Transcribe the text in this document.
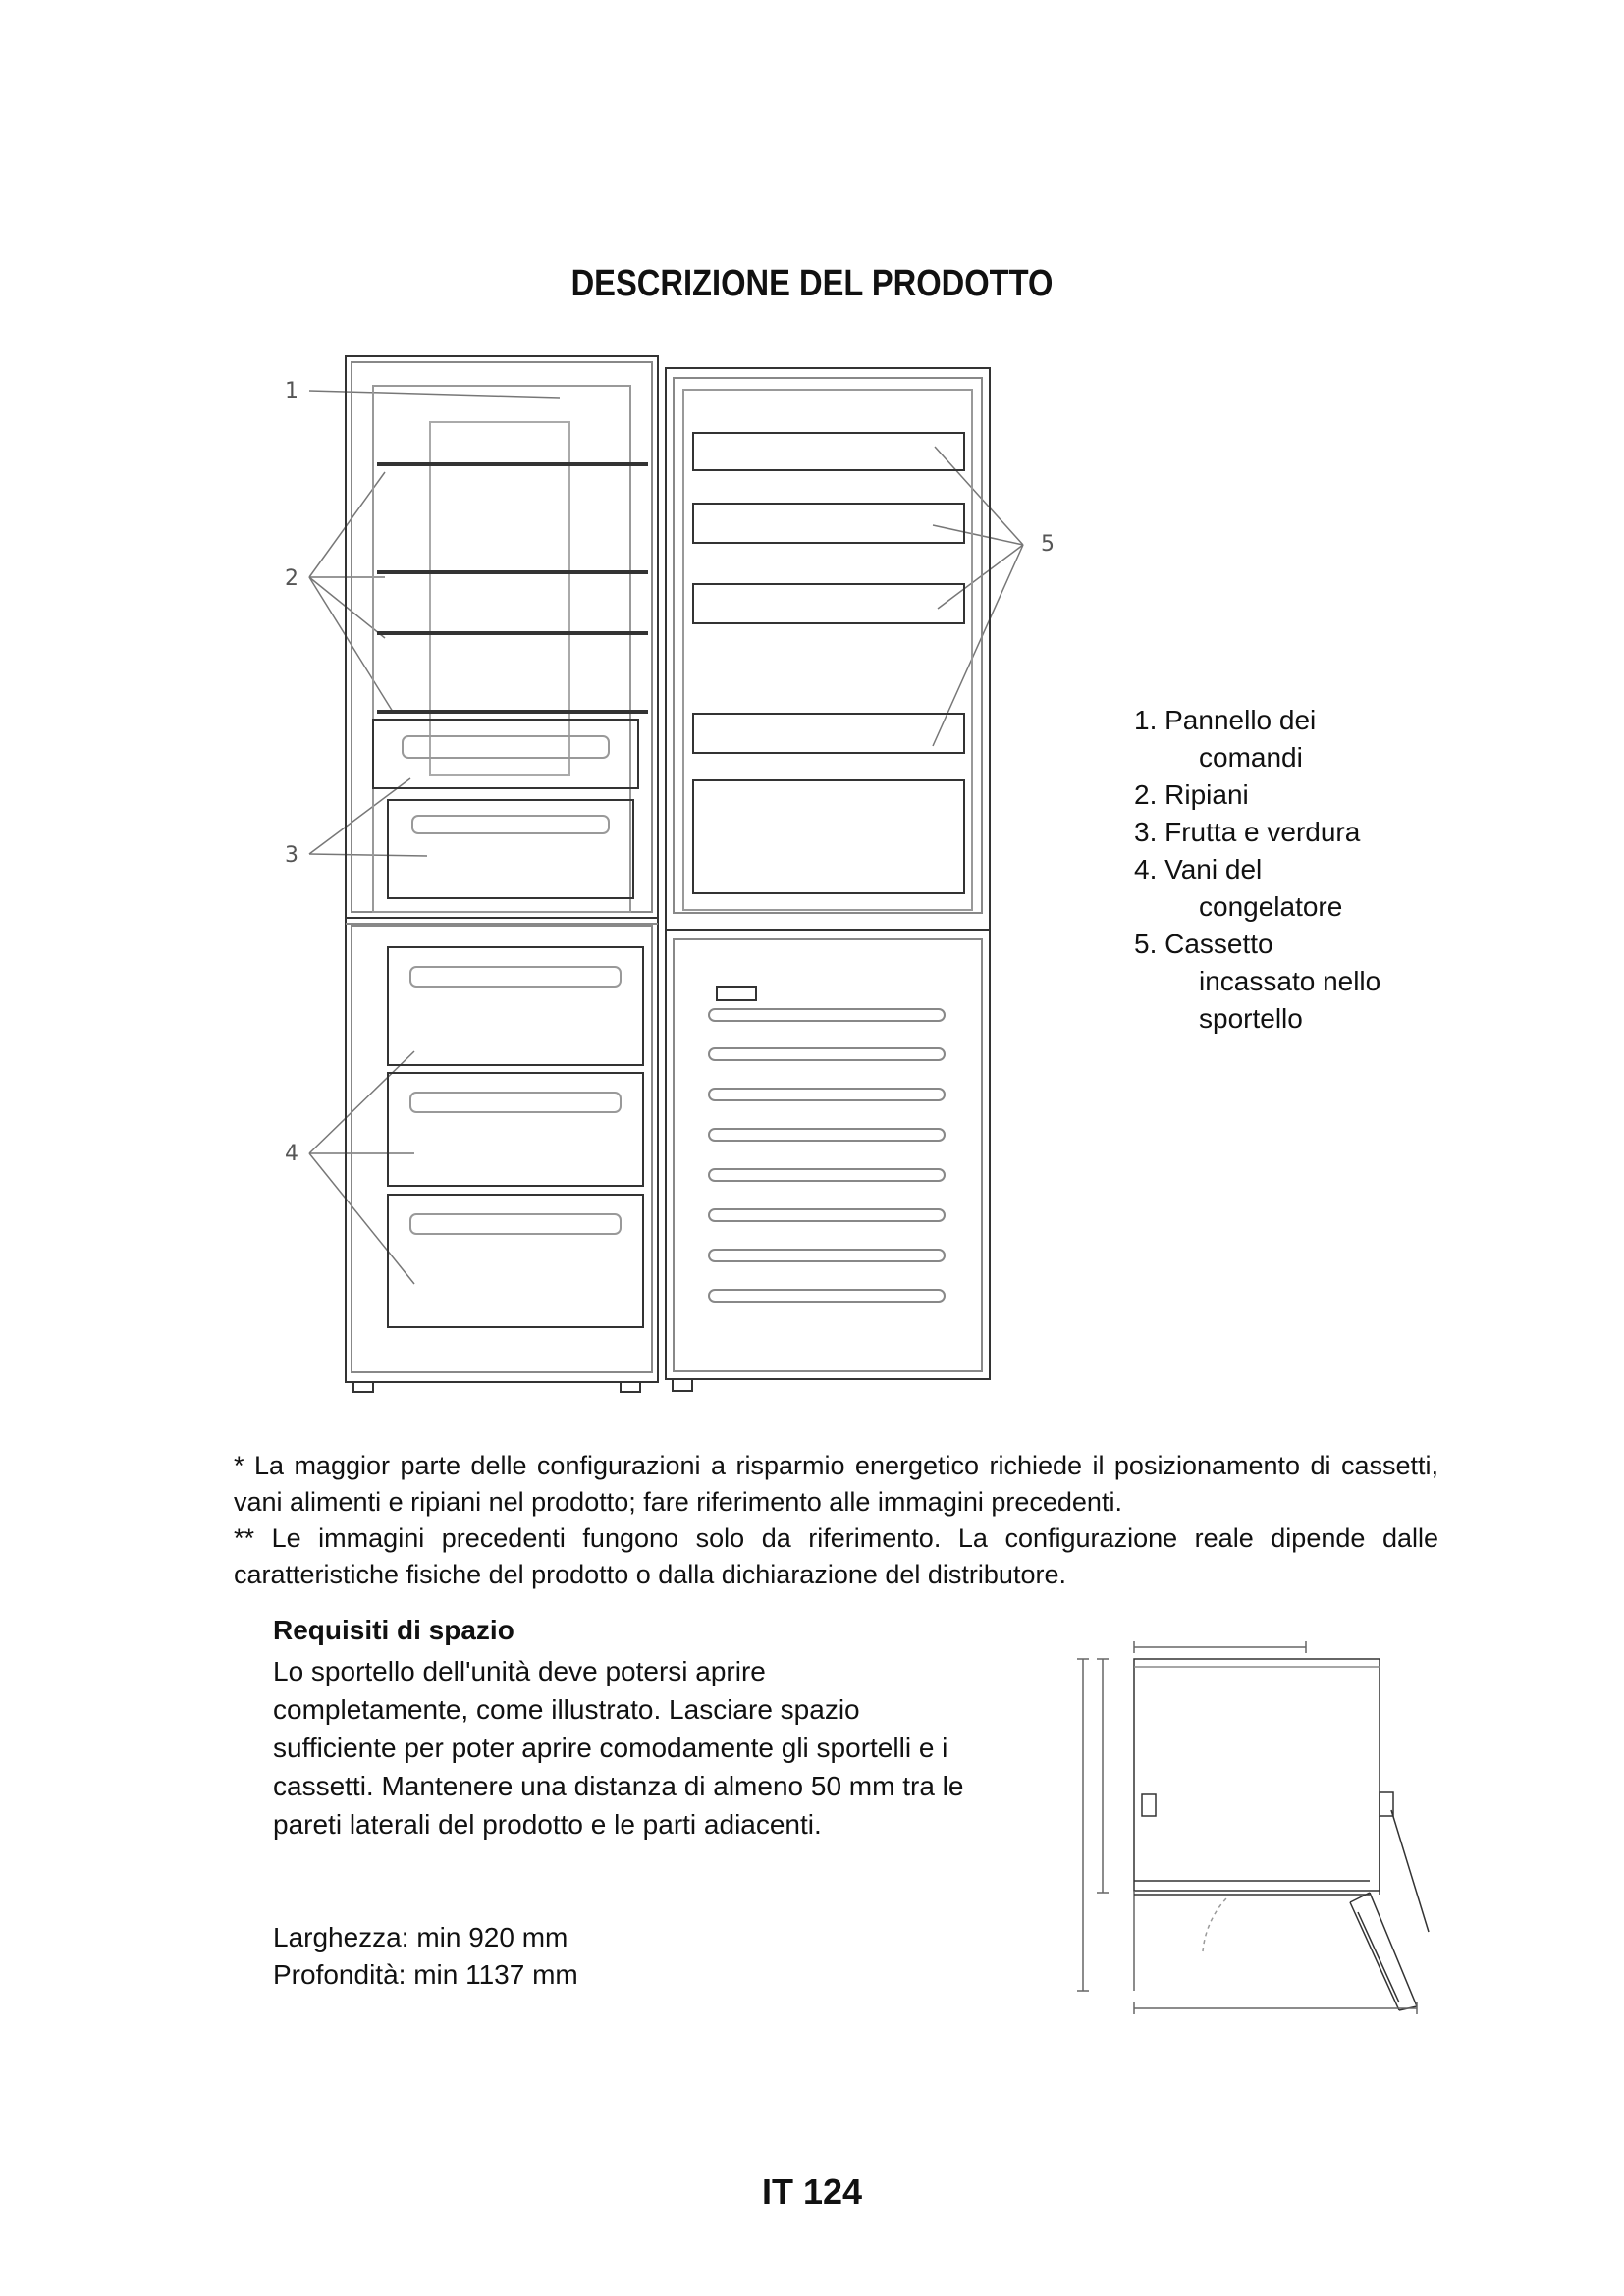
DESCRIZIONE DEL PRODOTTO
1
2
3
4
5
1. Pannello dei
comandi
2. Ripiani
3. Frutta e verdura
4. Vani del
congelatore
5. Cassetto
incassato nello
sportello
* La maggior parte delle configurazioni a risparmio energetico richiede il posizionamento di cassetti, vani alimenti e ripiani nel prodotto; fare riferimento alle immagini precedenti.
** Le immagini precedenti fungono solo da riferimento. La configurazione reale dipende dalle caratteristiche fisiche del prodotto o dalla dichiarazione del distributore.
Requisiti di spazio
Lo sportello dell'unità deve potersi aprire
completamente, come illustrato. Lasciare spazio
sufficiente per poter aprire comodamente gli sportelli e i
cassetti. Mantenere una distanza di almeno 50 mm tra le
pareti laterali del prodotto e le parti adiacenti.
Larghezza: min 920 mm
Profondità: min 1137 mm
IT 124
